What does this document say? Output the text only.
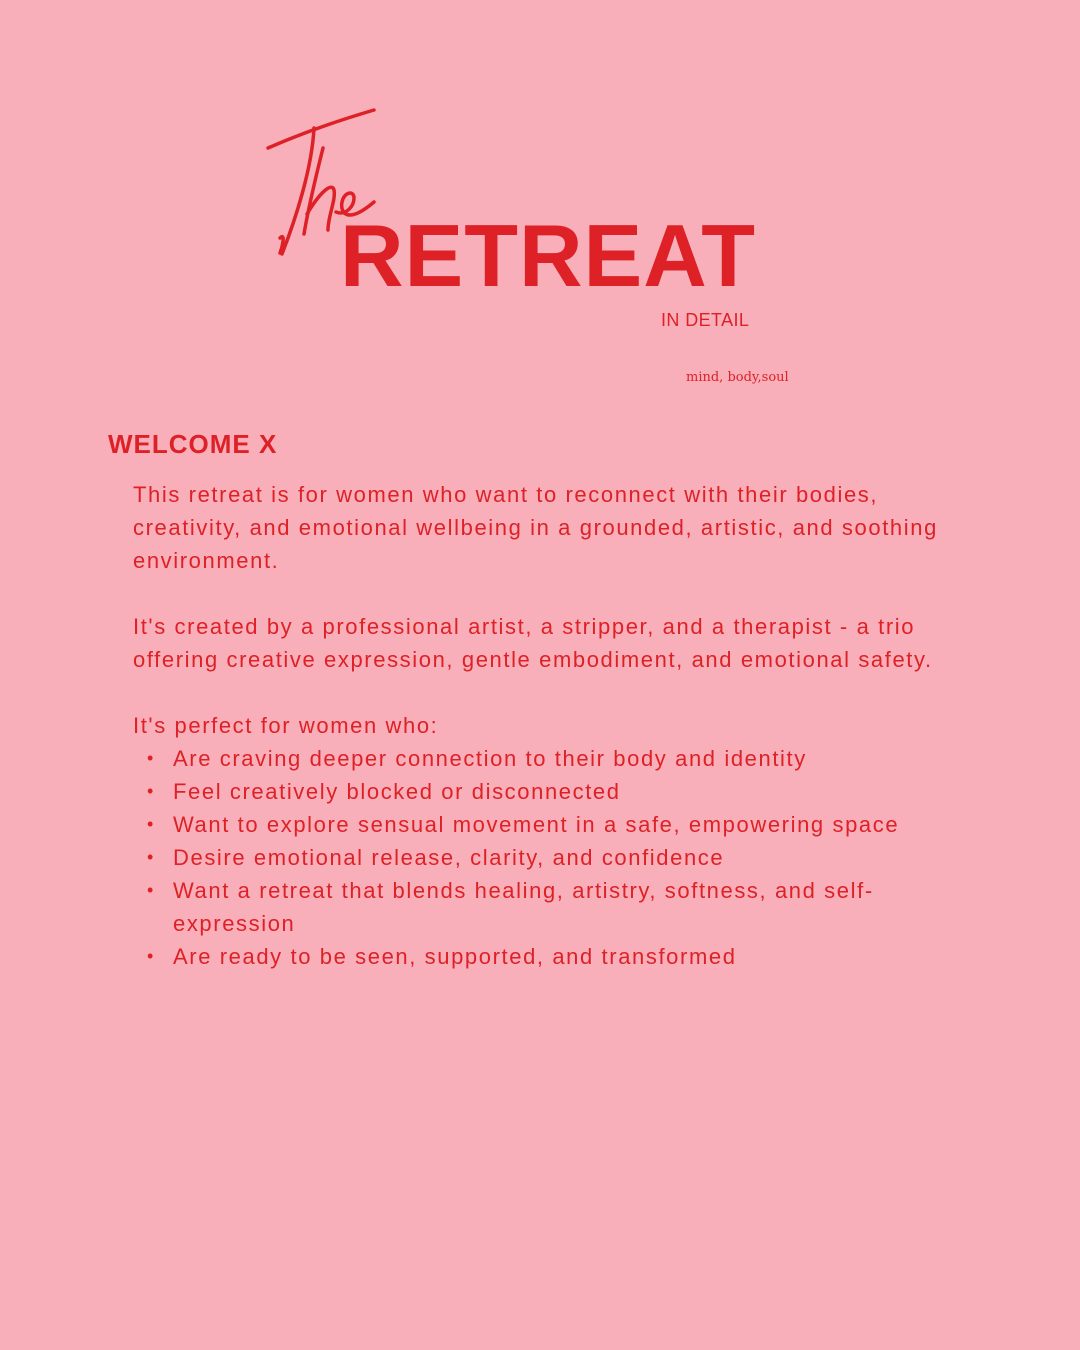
RETREAT
IN DETAIL
mind, body,soul
WELCOME X

This retreat is for women who want to reconnect with their bodies, creativity, and emotional wellbeing in a grounded, artistic, and soothing environment.

It's created by a professional artist, a stripper, and a therapist - a trio offering creative expression, gentle embodiment, and emotional safety.

It's perfect for women who:

• Are craving deeper connection to their body and identity
• Feel creatively blocked or disconnected
• Want to explore sensual movement in a safe, empowering space
• Desire emotional release, clarity, and confidence
• Want a retreat that blends healing, artistry, softness, and self-expression
• Are ready to be seen, supported, and transformed
